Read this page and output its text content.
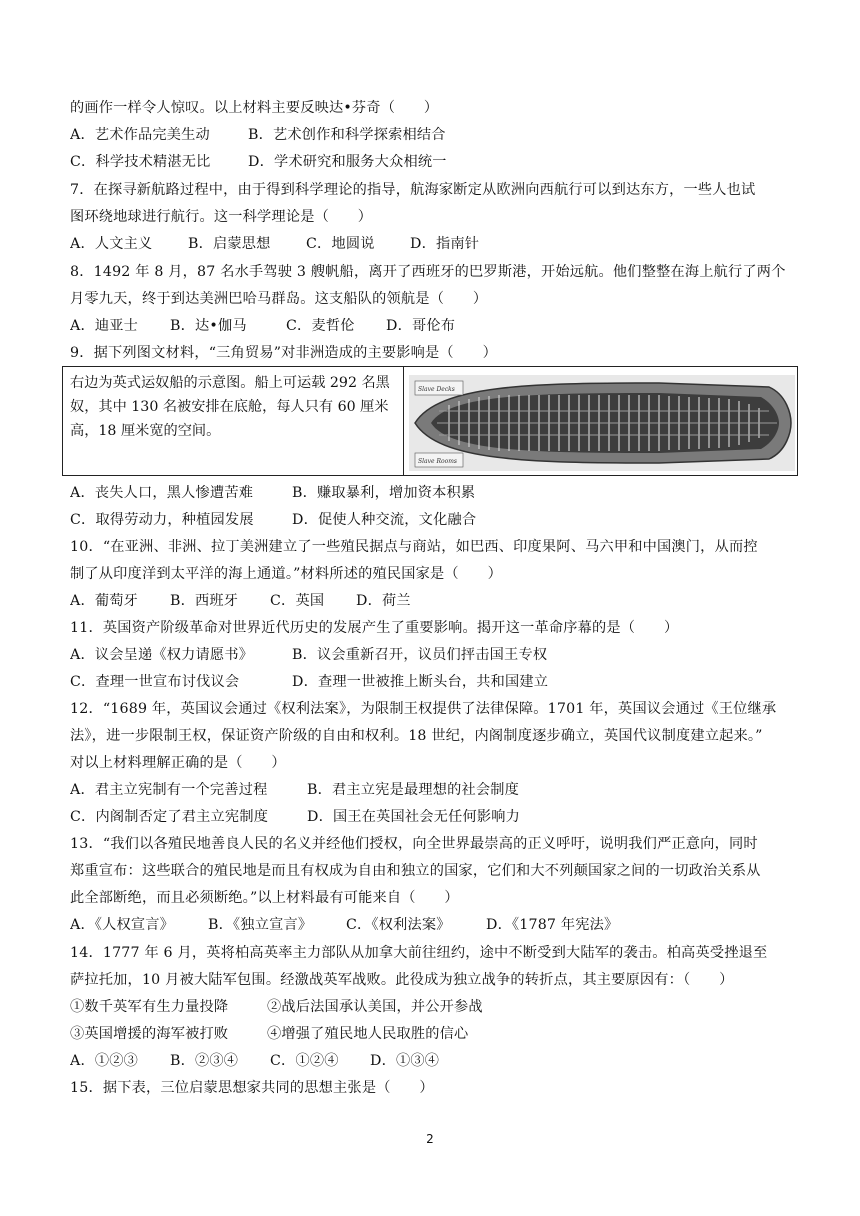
的画作一样令人惊叹。以上材料主要反映达•芬奇（　　）
A．艺术作品完美生动	B．艺术创作和科学探索相结合
C．科学技术精湛无比	D．学术研究和服务大众相统一
7．在探寻新航路过程中，由于得到科学理论的指导，航海家断定从欧洲向西航行可以到达东方，一些人也试
图环绕地球进行航行。这一科学理论是（　　）
A．人文主义	B．启蒙思想 C．地圆说 D．指南针
8．1492 年 8 月，87 名水手驾驶 3 艘帆船，离开了西班牙的巴罗斯港，开始远航。他们整整在海上航行了两个
月零九天，终于到达美洲巴哈马群岛。这支船队的领航是（　　）
A．迪亚士 B．达•伽马	C．麦哲伦 D．哥伦布
9．据下列图文材料，“三角贸易”对非洲造成的主要影响是（　　）
右边为英式运奴船的示意图。船上可运载 292 名黑奴，其中 130 名被安排在底舱，每人只有 60 厘米高，18 厘米宽的空间。
Slave Decks
Slave Rooms
A．丧失人口，黑人惨遭苦难	B．赚取暴利，增加资本积累
C．取得劳动力，种植园发展	D．促使人种交流，文化融合
10．“在亚洲、非洲、拉丁美洲建立了一些殖民据点与商站，如巴西、印度果阿、马六甲和中国澳门，从而控
制了从印度洋到太平洋的海上通道。”材料所述的殖民国家是（　　）
A．葡萄牙 B．西班牙 C．英国 D．荷兰
11．英国资产阶级革命对世界近代历史的发展产生了重要影响。揭开这一革命序幕的是（　　）
A．议会呈递《权力请愿书》	B．议会重新召开，议员们抨击国王专权
C．查理一世宣布讨伐议会	D．查理一世被推上断头台，共和国建立
12．“1689 年，英国议会通过《权利法案》，为限制王权提供了法律保障。1701 年，英国议会通过《王位继承
法》，进一步限制王权，保证资产阶级的自由和权利。18 世纪，内阁制度逐步确立，英国代议制度建立起来。”
对以上材料理解正确的是（　　）
A．君主立宪制有一个完善过程	B．君主立宪是最理想的社会制度
C．内阁制否定了君主立宪制度	D．国王在英国社会无任何影响力
13．“我们以各殖民地善良人民的名义并经他们授权，向全世界最崇高的正义呼吁，说明我们严正意向，同时
郑重宣布：这些联合的殖民地是而且有权成为自由和独立的国家，它们和大不列颠国家之间的一切政治关系从
此全部断绝，而且必须断绝。”以上材料最有可能来自（　　）
A．《人权宣言》 B．《独立宣言》 C．《权利法案》 D．《1787 年宪法》
14．1777 年 6 月，英将柏高英率主力部队从加拿大前往纽约，途中不断受到大陆军的袭击。柏高英受挫退至
萨拉托加，10 月被大陆军包围。经激战英军战败。此役成为独立战争的转折点，其主要原因有：（　　）
①数千英军有生力量投降	②战后法国承认美国，并公开参战
③英国增援的海军被打败	④增强了殖民地人民取胜的信心
A．①②③ B．②③④ C．①②④ D．①③④
15．据下表，三位启蒙思想家共同的思想主张是（　　）
2
